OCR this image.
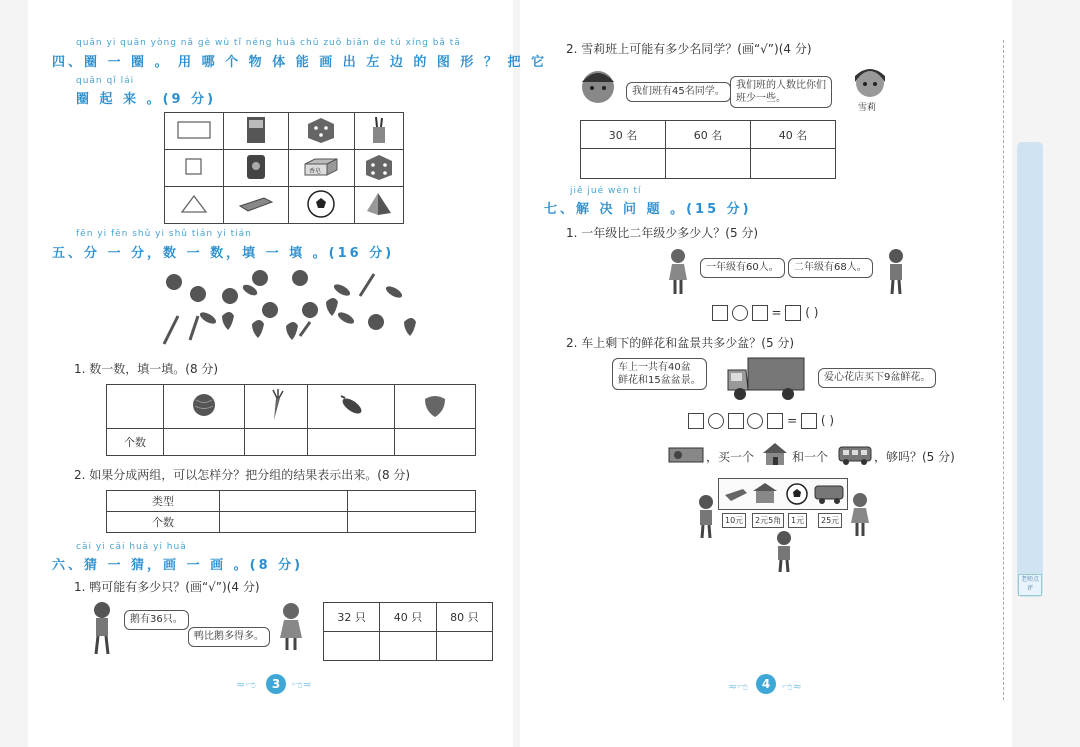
老师点评
quān yi quān yòng nǎ gè wù tǐ néng huà chū zuǒ biān de tú xíng bǎ tā
四、圈 一 圈 。 用 哪 个 物 体 能 画 出 左 边 的 图 形 ？ 把 它
quān qǐ lái
圈 起 来 。(9 分)

香皂

fēn yi fēn shǔ yi shǔ tián yi tián
五、分 一 分，数 一 数，填 一 填 。(16 分)
1. 数一数，填一填。(8 分)

个数				
2. 如果分成两组，可以怎样分？把分组的结果表示出来。(8 分)
类型		
个数		
cāi yi cāi huà yi huà
六、猜 一 猜，画 一 画 。(8 分)
1. 鸭可能有多少只？(画“√”)(4 分)
鹅有36只。
鸭比鹅多得多。
32 只	40 只	80 只

≈ಌ	3	ಌ≈
2. 雪莉班上可能有多少名同学？(画“√”)(4 分)
我们班有45名同学。
我们班的人数比你们
班少一些。
雪莉
30 名	60 名	40 名

jiě jué wèn tí
七、解 决 问 题 。(15 分)
1. 一年级比二年级少多少人？(5 分)
一年级有60人。	二年级有68人。
= ( )
2. 车上剩下的鲜花和盆景共多少盆？(5 分)
车上一共有40盆
鲜花和15盆盆景。	爱心花店买下9盆鲜花。
= ( )
，买一个	和一个	，够吗？(5 分)
10元	2元5角	1元	25元
≈ಌ	4	ಌ≈
